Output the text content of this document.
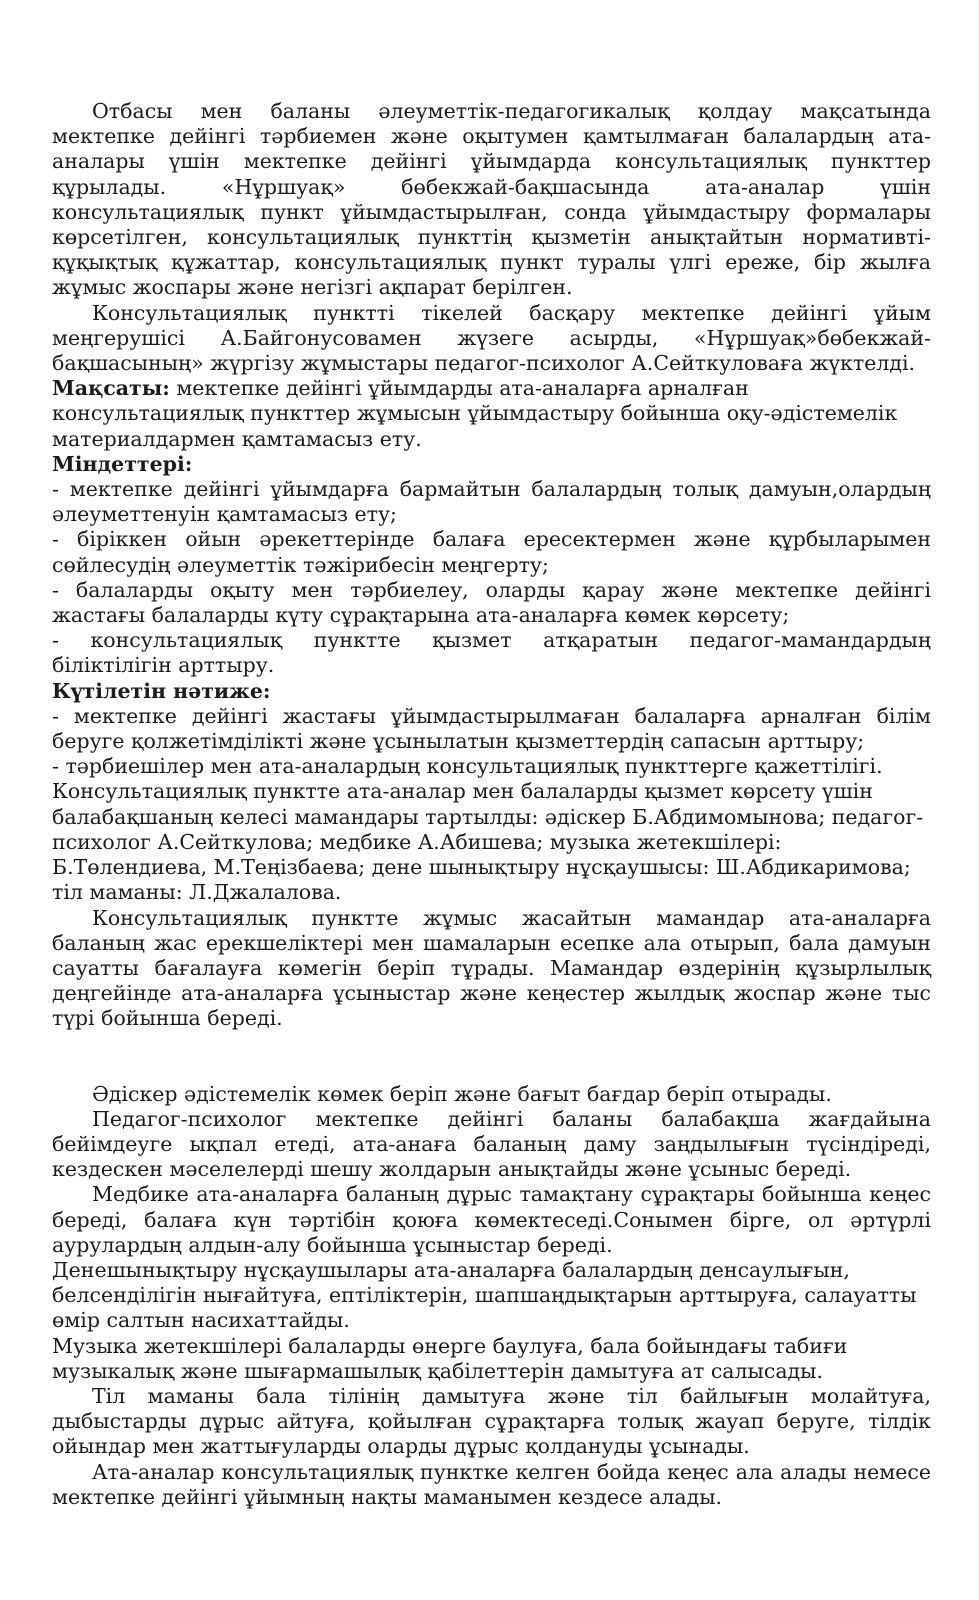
Отбасы мен баланы әлеуметтік-педагогикалық қолдау мақсатында мектепке дейінгі тәрбиемен және оқытумен қамтылмаған балалардың ата-аналары үшін мектепке дейінгі ұйымдарда консультациялық пункттер құрылады. «Нұршуақ» бөбекжай-бақшасында ата-аналар үшін консультациялық пункт ұйымдастырылған, сонда ұйымдастыру формалары көрсетілген, консультациялық пункттің қызметін анықтайтын нормативті-құқықтық құжаттар, консультациялық пункт туралы үлгі ереже, бір жылға жұмыс жоспары және негізгі ақпарат берілген.

Консультациялық пунктті тікелей басқару мектепке дейінгі ұйым меңгерушісі А.Байгонусовамен жүзеге асырды, «Нұршуақ»бөбекжай-бақшасының» жүргізу жұмыстары педагог-психолог А.Сейткуловаға жүктелді.

Мақсаты: мектепке дейінгі ұйымдарды ата-аналарға арналған консультациялық пункттер жұмысын ұйымдастыру бойынша оқу-әдістемелік материалдармен қамтамасыз ету.

Міндеттері:

- мектепке дейінгі ұйымдарға бармайтын балалардың толық дамуын,олардың әлеуметтенуін қамтамасыз ету;

- біріккен ойын әрекеттерінде балаға ересектермен және құрбыларымен сөйлесудің әлеуметтік тәжірибесін меңгерту;

- балаларды оқыту мен тәрбиелеу, оларды қарау және мектепке дейінгі жастағы балаларды күту сұрақтарына ата-аналарға көмек көрсету;

- консультациялық пунктте қызмет атқаратын педагог-мамандардың біліктілігін арттыру.

Күтілетін нәтиже:

- мектепке дейінгі жастағы ұйымдастырылмаған балаларға арналған білім беруге қолжетімділікті және ұсынылатын қызметтердің сапасын арттыру;

- тәрбиешілер мен ата-аналардың консультациялық пункттерге қажеттілігі.

Консультациялық пунктте ата-аналар мен балаларды қызмет көрсету үшін балабақшаның келесі мамандары тартылды: әдіскер Б.Абдимомынова; педагог-психолог А.Сейткулова; медбике А.Абишева; музыка жетекшілері: Б.Төлендиева, М.Теңізбаева; дене шынықтыру нұсқаушысы: Ш.Абдикаримова; тіл маманы: Л.Джалалова.

Консультациялық пунктте жұмыс жасайтын мамандар ата-аналарға баланың жас ерекшеліктері мен шамаларын есепке ала отырып, бала дамуын сауатты бағалауға көмегін беріп тұрады. Мамандар өздерінің құзырлылық деңгейінде ата-аналарға ұсыныстар және кеңестер жылдық жоспар және тыс түрі бойынша береді.

Әдіскер әдістемелік көмек беріп және бағыт бағдар беріп отырады.

Педагог-психолог мектепке дейінгі баланы балабақша жағдайына бейімдеуге ықпал етеді, ата-анаға баланың даму заңдылығын түсіндіреді, кездескен мәселелерді шешу жолдарын анықтайды және ұсыныс береді.

Медбике ата-аналарға баланың дұрыс тамақтану сұрақтары бойынша кеңес береді, балаға күн тәртібін қоюға көмектеседі.Сонымен бірге, ол әртүрлі аурулардың алдын-алу бойынша ұсыныстар береді.

Денешынықтыру нұсқаушылары ата-аналарға балалардың денсаулығын, белсенділігін нығайтуға, ептіліктерін, шапшаңдықтарын арттыруға, салауатты өмір салтын насихаттайды.

Музыка жетекшілері балаларды өнерге баулуға, бала бойындағы табиғи музыкалық және шығармашылық қабілеттерін дамытуға ат салысады.

Тіл маманы бала тілінің дамытуға және тіл байлығын молайтуға, дыбыстарды дұрыс айтуға, қойылған сұрақтарға толық жауап беруге, тілдік ойындар мен жаттығуларды оларды дұрыс қолдануды ұсынады.

Ата-аналар консультациялық пунктке келген бойда кеңес ала алады немесе мектепке дейінгі ұйымның нақты маманымен кездесе алады.
